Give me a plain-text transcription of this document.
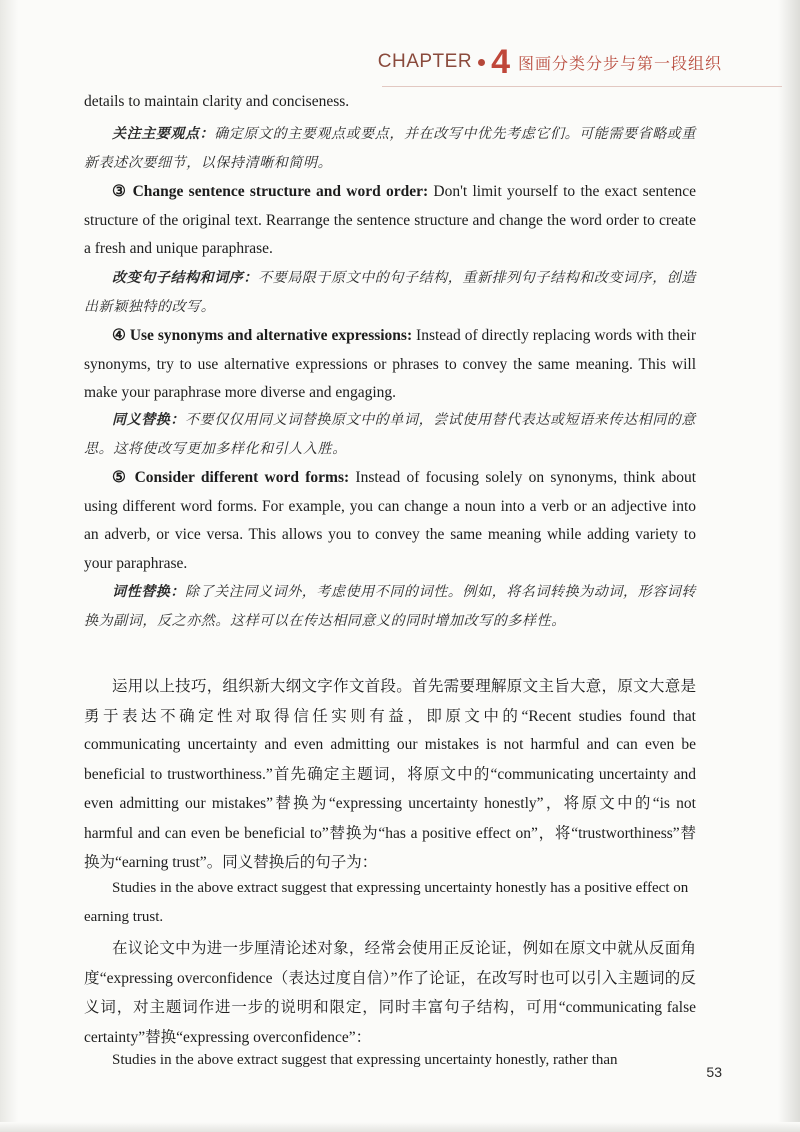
CHAPTER 4 图画分类分步与第一段组织

details to maintain clarity and conciseness.

关注主要观点：确定原文的主要观点或要点，并在改写中优先考虑它们。可能需要省略或重新表述次要细节，以保持清晰和简明。

③ Change sentence structure and word order: Don't limit yourself to the exact sentence structure of the original text. Rearrange the sentence structure and change the word order to create a fresh and unique paraphrase.

改变句子结构和词序：不要局限于原文中的句子结构，重新排列句子结构和改变词序，创造出新颖独特的改写。

④ Use synonyms and alternative expressions: Instead of directly replacing words with their synonyms, try to use alternative expressions or phrases to convey the same meaning. This will make your paraphrase more diverse and engaging.

同义替换：不要仅仅用同义词替换原文中的单词，尝试使用替代表达或短语来传达相同的意思。这将使改写更加多样化和引人入胜。

⑤ Consider different word forms: Instead of focusing solely on synonyms, think about using different word forms. For example, you can change a noun into a verb or an adjective into an adverb, or vice versa. This allows you to convey the same meaning while adding variety to your paraphrase.

词性替换：除了关注同义词外，考虑使用不同的词性。例如，将名词转换为动词，形容词转换为副词，反之亦然。这样可以在传达相同意义的同时增加改写的多样性。

运用以上技巧，组织新大纲文字作文首段。首先需要理解原文主旨大意，原文大意是勇于表达不确定性对取得信任实则有益，即原文中的“Recent studies found that communicating uncertainty and even admitting our mistakes is not harmful and can even be beneficial to trustworthiness.”首先确定主题词，将原文中的“communicating uncertainty and even admitting our mistakes”替换为“expressing uncertainty honestly”，将原文中的“is not harmful and can even be beneficial to”替换为“has a positive effect on”，将“trustworthiness”替换为“earning trust”。同义替换后的句子为：

Studies in the above extract suggest that expressing uncertainty honestly has a positive effect on earning trust.

在议论文中为进一步厘清论述对象，经常会使用正反论证，例如在原文中就从反面角度“expressing overconfidence（表达过度自信）”作了论证，在改写时也可以引入主题词的反义词，对主题词作进一步的说明和限定，同时丰富句子结构，可用“communicating false certainty”替换“expressing overconfidence”：

Studies in the above extract suggest that expressing uncertainty honestly, rather than

53
